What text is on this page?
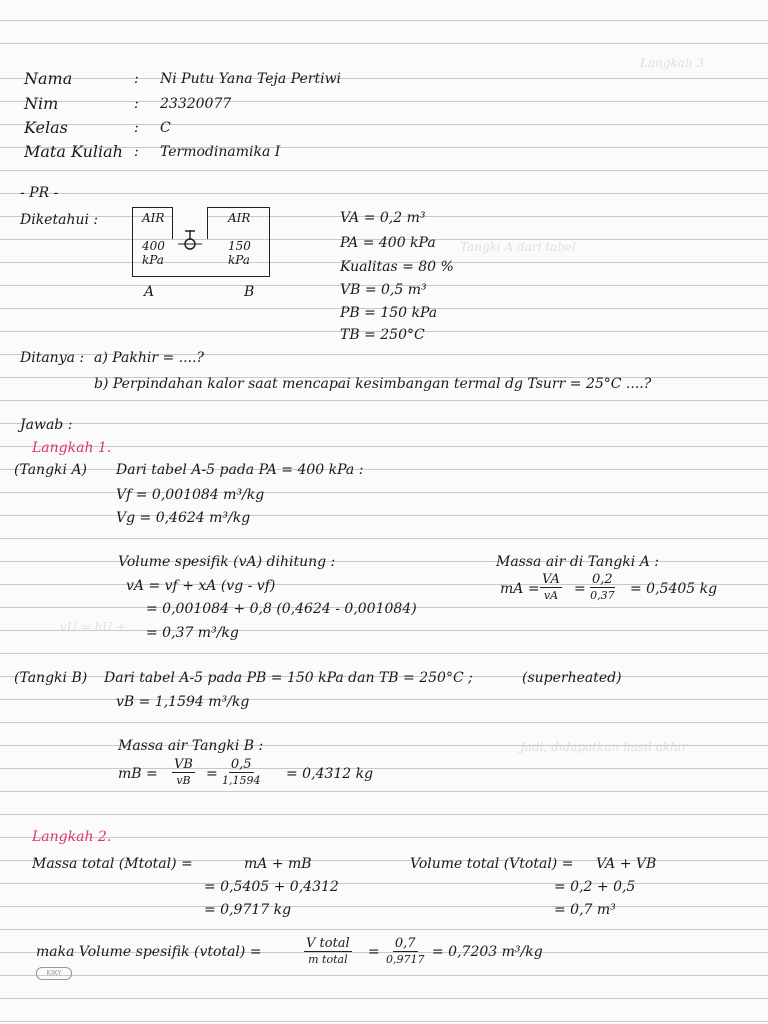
Langkah 3
Tangki A dari tabel
vU = hU + ...
Jadi, didapatkan hasil akhir
Nama	: Ni Putu Yana Teja Pertiwi
Nim	: 23320077
Kelas	: C
Mata Kuliah : Termodinamika I
- PR -
Diketahui :	AIR
400
kPa
AIR
150
kPa
A	B
VA = 0,2 m³
PA = 400 kPa
Kualitas = 80 %
VB = 0,5 m³
PB = 150 kPa
TB = 250°C
Ditanya : a) Pakhir = ....?
b) Perpindahan kalor saat mencapai kesimbangan termal dg Tsurr = 25°C ....?
Jawab :
Langkah 1.
(Tangki A) Dari tabel A-5 pada PA = 400 kPa :
Vf = 0,001084 m³/kg
Vg = 0,4624 m³/kg
Volume spesifik (vA) dihitung :
vA = vf + xA (vg - vf)
= 0,001084 + 0,8 (0,4624 - 0,001084)
= 0,37 m³/kg
Massa air di Tangki A :
mA =
VA
vA =
0,2
0,37 = 0,5405 kg
(Tangki B) Dari tabel A-5 pada PB = 150 kPa dan TB = 250°C ;	(superheated)
vB = 1,1594 m³/kg
Massa air Tangki B :
mB =
VB
vB =
0,5
1,1594 = 0,4312 kg
Langkah 2.
Massa total (Mtotal) =	mA + mB
= 0,5405 + 0,4312
= 0,9717 kg
Volume total (Vtotal) = VA + VB
= 0,2 + 0,5
= 0,7 m³
maka Volume spesifik (vtotal) =
V total
m total =
0,7
0,9717 = 0,7203 m³/kg
KIKY
